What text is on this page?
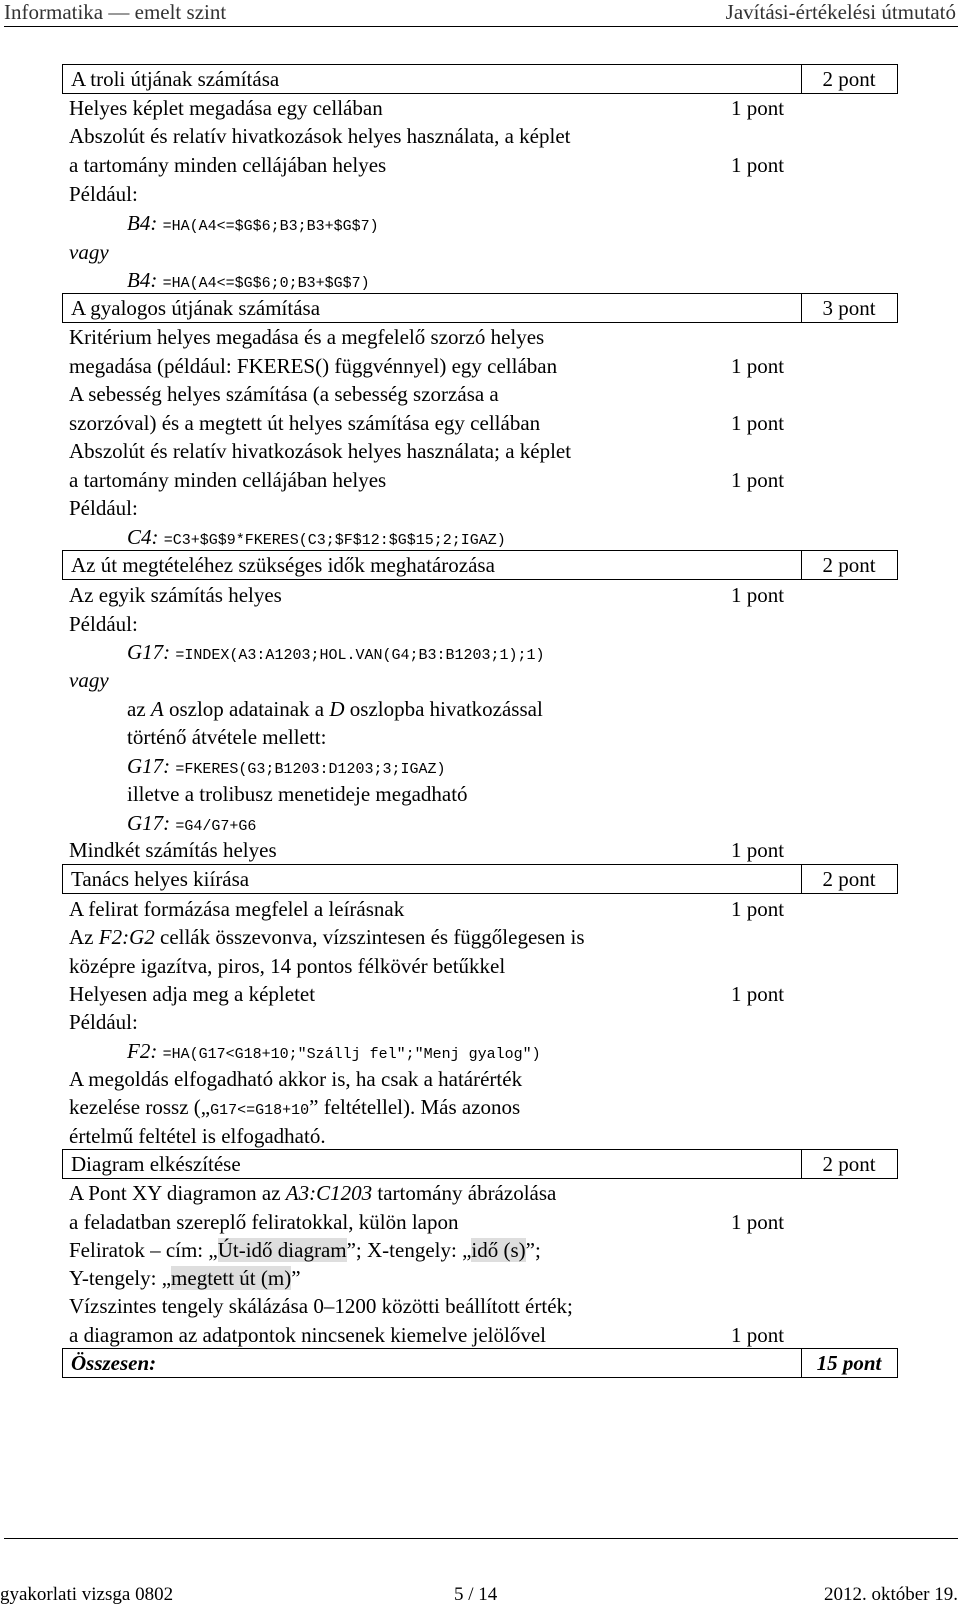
Informatika — emelt szint	Javítási-értékelési útmutató
A troli útjának számítása	2 pont
Helyes képlet megadása egy cellában	1 pont
Abszolút és relatív hivatkozások helyes használata, a képlet
a tartomány minden cellájában helyes	1 pont
Például:
B4: =HA(A4<=$G$6;B3;B3+$G$7)
vagy
B4: =HA(A4<=$G$6;0;B3+$G$7)
A gyalogos útjának számítása	3 pont
Kritérium helyes megadása és a megfelelő szorzó helyes
megadása (például: FKERES() függvénnyel) egy cellában	1 pont
A sebesség helyes számítása (a sebesség szorzása a
szorzóval) és a megtett út helyes számítása egy cellában	1 pont
Abszolút és relatív hivatkozások helyes használata; a képlet
a tartomány minden cellájában helyes	1 pont
Például:
C4: =C3+$G$9*FKERES(C3;$F$12:$G$15;2;IGAZ)
Az út megtételéhez szükséges idők meghatározása	2 pont
Az egyik számítás helyes	1 pont
Például:
G17: =INDEX(A3:A1203;HOL.VAN(G4;B3:B1203;1);1)
vagy
az A oszlop adatainak a D oszlopba hivatkozással
történő átvétele mellett:
G17: =FKERES(G3;B1203:D1203;3;IGAZ)
illetve a trolibusz menetideje megadható
G17: =G4/G7+G6
Mindkét számítás helyes	1 pont
Tanács helyes kiírása	2 pont
A felirat formázása megfelel a leírásnak	1 pont
Az F2:G2 cellák összevonva, vízszintesen és függőlegesen is
középre igazítva, piros, 14 pontos félkövér betűkkel
Helyesen adja meg a képletet	1 pont
Például:
F2: =HA(G17<G18+10;"Szállj fel";"Menj gyalog")
A megoldás elfogadható akkor is, ha csak a határérték
kezelése rossz („G17<=G18+10” feltétellel). Más azonos
értelmű feltétel is elfogadható.
Diagram elkészítése	2 pont
A Pont XY diagramon az A3:C1203 tartomány ábrázolása
a feladatban szereplő feliratokkal, külön lapon	1 pont
Feliratok – cím: „Út-idő diagram”; X-tengely: „idő (s)”;
Y-tengely: „megtett út (m)”
Vízszintes tengely skálázása 0–1200 közötti beállított érték;
a diagramon az adatpontok nincsenek kiemelve jelölővel	1 pont
Összesen:	15 pont
gyakorlati vizsga 0802	5 / 14	2012. október 19.
